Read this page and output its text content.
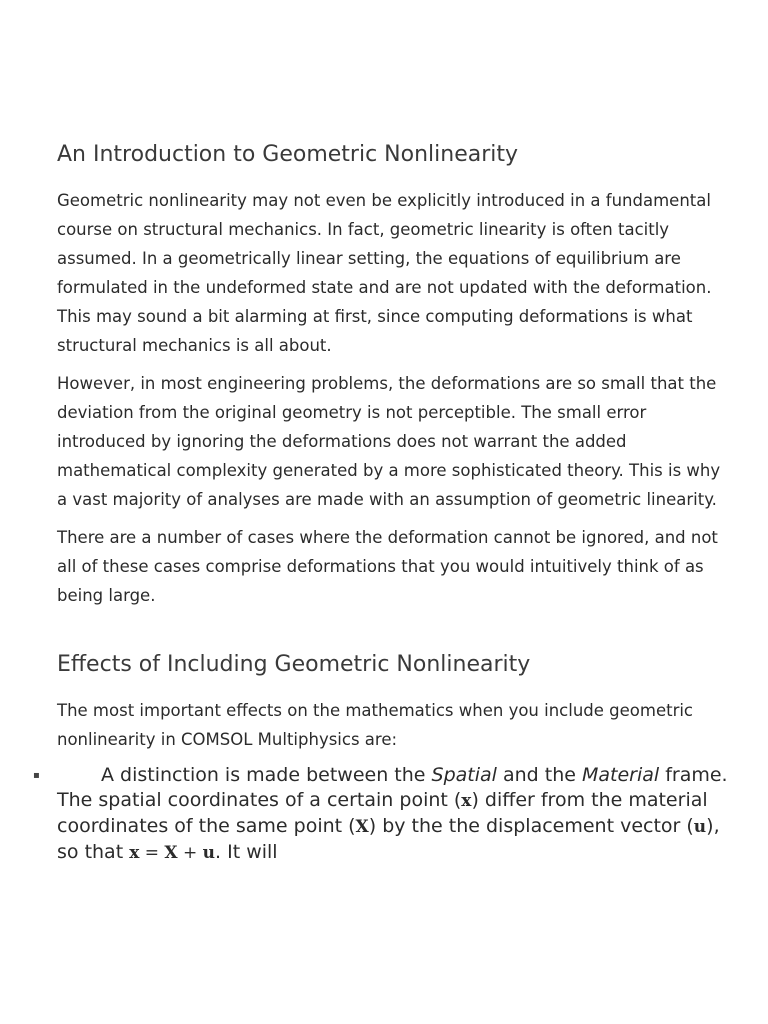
An Introduction to Geometric Nonlinearity

Geometric nonlinearity may not even be explicitly introduced in a fundamental course on structural mechanics. In fact, geometric linearity is often tacitly assumed. In a geometrically linear setting, the equations of equilibrium are formulated in the undeformed state and are not updated with the deformation. This may sound a bit alarming at first, since computing deformations is what structural mechanics is all about.

However, in most engineering problems, the deformations are so small that the deviation from the original geometry is not perceptible. The small error introduced by ignoring the deformations does not warrant the added mathematical complexity generated by a more sophisticated theory. This is why a vast majority of analyses are made with an assumption of geometric linearity.

There are a number of cases where the deformation cannot be ignored, and not all of these cases comprise deformations that you would intuitively think of as being large.

Effects of Including Geometric Nonlinearity

The most important effects on the mathematics when you include geometric nonlinearity in COMSOL Multiphysics are:

▪	A distinction is made between the Spatial and the Material frame. The spatial coordinates of a certain point (x) differ from the material coordinates of the same point (X) by the the displacement vector (u), so that x = X + u. It will
